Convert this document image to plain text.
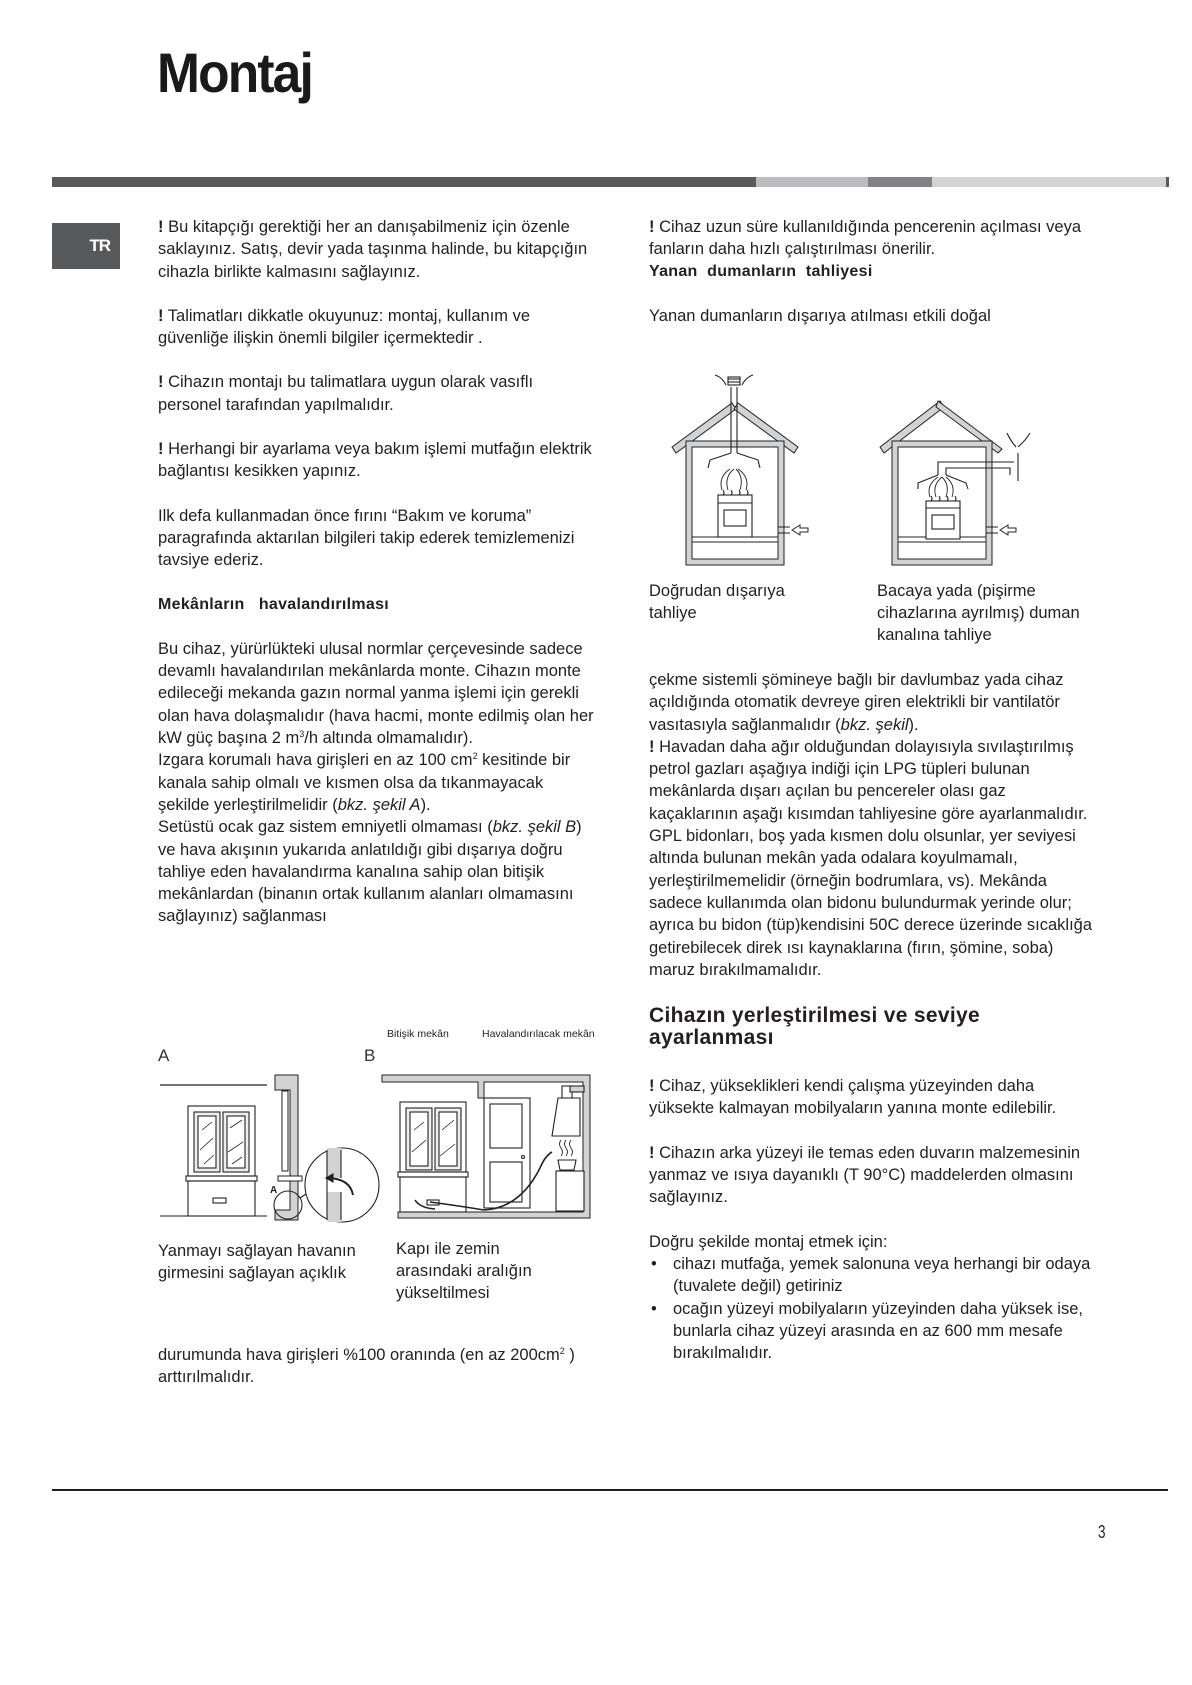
Montaj
TR

! Bu kitapçığı gerektiği her an danışabilmeniz için özenle saklayınız. Satış, devir yada taşınma halinde, bu kitapçığın cihazla birlikte kalmasını sağlayınız.

! Talimatları dikkatle okuyunuz: montaj, kullanım ve güvenliğe ilişkin önemli bilgiler içermektedir .

! Cihazın montajı bu talimatlara uygun olarak vasıflı personel tarafından yapılmalıdır.

! Herhangi bir ayarlama veya bakım işlemi mutfağın elektrik bağlantısı kesikken yapınız.

Ilk defa kullanmadan önce fırını “Bakım ve koruma” paragrafında aktarılan bilgileri takip ederek temizlemenizi tavsiye ederiz.

Mekânların   havalandırılması

Bu cihaz, yürürlükteki ulusal normlar çerçevesinde sadece devamlı havalandırılan mekânlarda monte. Cihazın monte edileceği mekanda gazın normal yanma işlemi için gerekli olan hava dolaşmalıdır (hava hacmi, monte edilmiş olan her kW güç başına 2 $m^3/h$ altında olmamalıdır).
Izgara korumalı hava girişleri en az 100 $cm^2$ kesitinde bir kanala sahip olmalı ve kısmen olsa da tıkanmayacak şekilde yerleştirilmelidir (bkz. şekil A).
Setüstü ocak gaz sistem emniyetli olmaması (bkz. şekil B)    ve hava akışının yukarıda anlatıldığı gibi dışarıya doğru tahliye eden havalandırma kanalına sahip olan bitişik mekânlardan (binanın ortak kullanım alanları olmamasını sağlayınız) sağlanması

Bitişik mekân	Havalandırılacak mekân
A	B
A
Yanmayı sağlayan havanın girmesini sağlayan açıklık
Kapı ile zemin arasındaki aralığın yükseltilmesi

durumunda hava girişleri %100 oranında (en az $200cm^2$ ) arttırılmalıdır.

! Cihaz uzun süre kullanıldığında pencerenin açılması veya fanların daha hızlı çalıştırılması önerilir.

Yanan  dumanların  tahliyesi

Yanan dumanların dışarıya atılması etkili doğal

Doğrudan dışarıya tahliye
Bacaya yada (pişirme cihazlarına ayrılmış) duman kanalına tahliye

çekme sistemli şömineye bağlı bir davlumbaz yada cihaz açıldığında otomatik devreye giren elektrikli bir vantilatör vasıtasıyla sağlanmalıdır (bkz. şekil).

! Havadan daha ağır olduğundan dolayısıyla sıvılaştırılmış petrol gazları aşağıya indiği için LPG tüpleri bulunan mekânlarda dışarı açılan bu pencereler olası gaz kaçaklarının aşağı kısımdan tahliyesine göre ayarlanmalıdır.

GPL bidonları, boş yada kısmen dolu olsunlar, yer seviyesi altında bulunan mekân yada odalara koyulmamalı, yerleştirilmemelidir (örneğin bodrumlara, vs). Mekânda sadece kullanımda olan bidonu bulundurmak yerinde olur; ayrıca bu bidon (tüp)kendisini 50C derece üzerinde sıcaklığa getirebilecek direk ısı kaynaklarına (fırın, şömine, soba) maruz bırakılmamalıdır.

Cihazın yerleştirilmesi ve seviye ayarlanması

! Cihaz, yükseklikleri kendi çalışma yüzeyinden daha yüksekte kalmayan mobilyaların yanına monte edilebilir.

! Cihazın arka yüzeyi ile temas eden duvarın malzemesinin yanmaz ve ısıya dayanıklı (T 90°C) maddelerden olmasını sağlayınız.

Doğru şekilde montaj etmek için:

• cihazı mutfağa, yemek salonuna veya herhangi bir odaya (tuvalete değil) getiriniz
• ocağın yüzeyi mobilyaların yüzeyinden daha yüksek ise, bunlarla cihaz yüzeyi arasında en az 600 mm mesafe bırakılmalıdır.
3
